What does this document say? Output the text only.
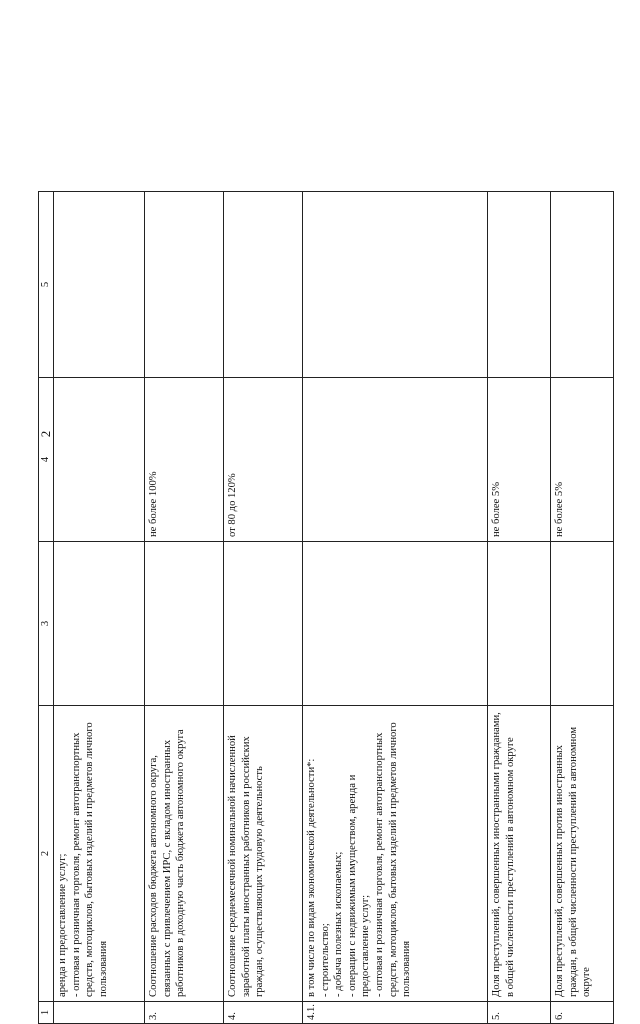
2
1	2	3	4	5

	аренда и предоставление услуг; - оптовая и розничная торговля, ремонт автотранспортных средств, мотоциклов, бытовых изделий и предметов личного пользования			

3.	Соотношение расходов бюджета автономного округа, связанных с привлечением ИРС, с вкладом иностранных работников в доходную часть бюджета автономного округа		не более 100%	
4.	Соотношение среднемесячной номинальной начисленной заработной платы иностранных работников и российских граждан, осуществляющих трудовую деятельность		от 80 до 120%	
4.1.	в том числе по видам экономической деятельности*: - строительство; - добыча полезных ископаемых; - операции с недвижимым имуществом, аренда и предоставление услуг; - оптовая и розничная торговля, ремонт автотранспортных средств, мотоциклов, бытовых изделий и предметов личного пользования			

5.	Доля преступлений, совершенных иностранными гражданами, в общей численности преступлений в автономном округе		не более 5%	
6.	Доля преступлений, совершенных против иностранных граждан, в общей численности преступлений в автономном округе		не более 5%	
